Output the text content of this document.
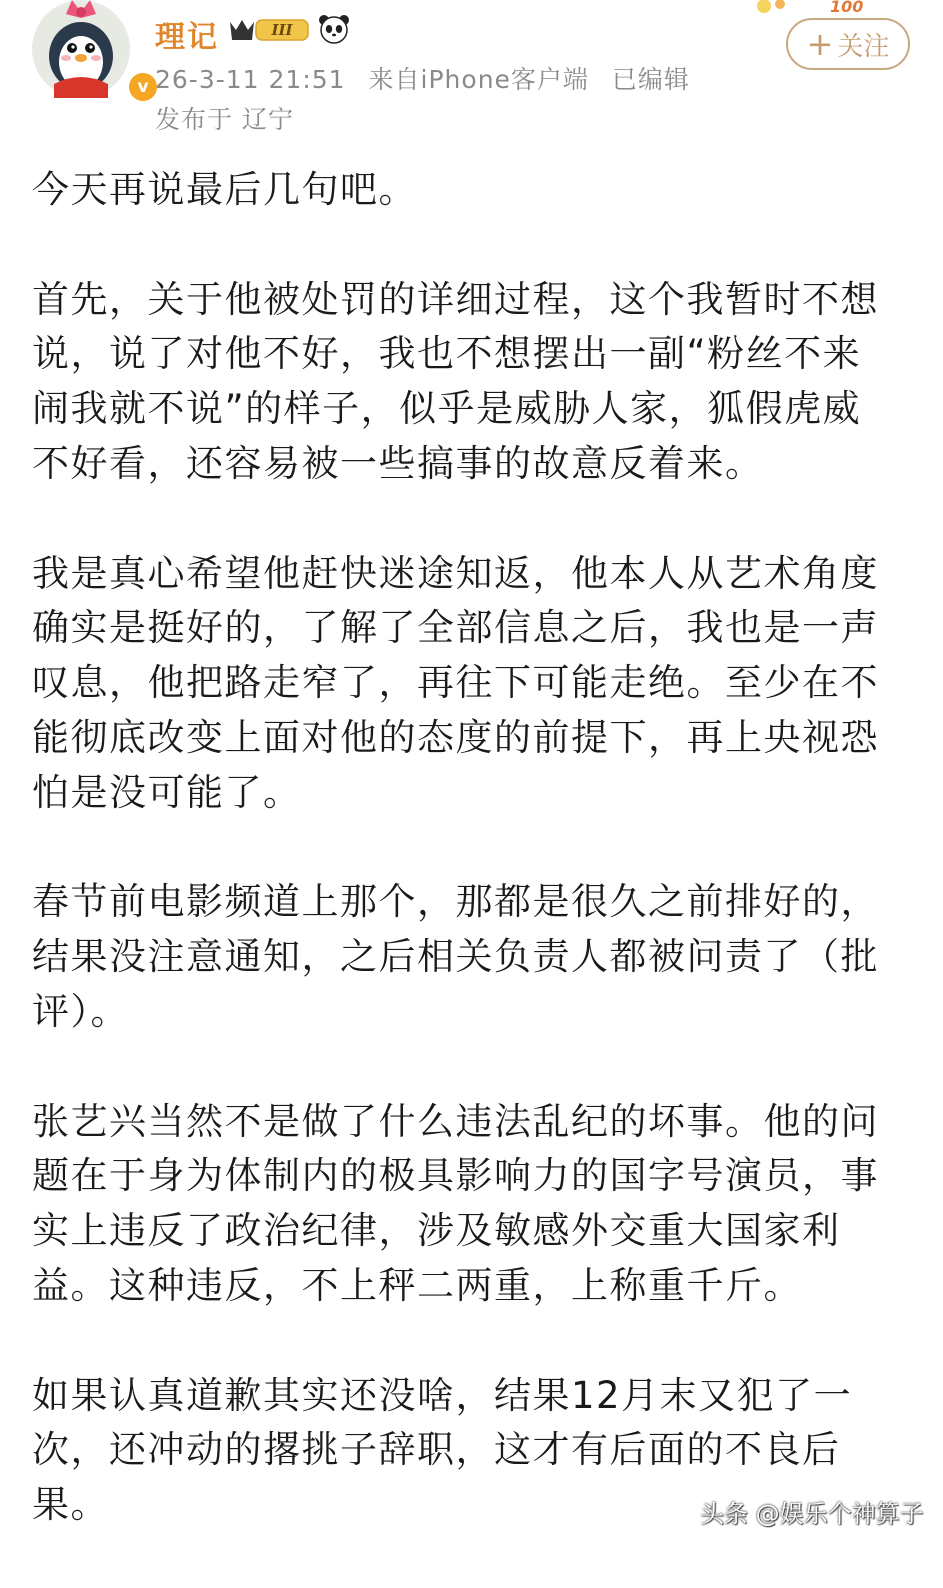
v
理记	III
26-3-11 21:51 来自iPhone客户端 已编辑
发布于 辽宁
100
+ 关注

今天再说最后几句吧。

首先，关于他被处罚的详细过程，这个我暂时不想
说，说了对他不好，我也不想摆出一副“粉丝不来
闹我就不说”的样子，似乎是威胁人家，狐假虎威
不好看，还容易被一些搞事的故意反着来。

我是真心希望他赶快迷途知返，他本人从艺术角度
确实是挺好的，了解了全部信息之后，我也是一声
叹息，他把路走窄了，再往下可能走绝。至少在不
能彻底改变上面对他的态度的前提下，再上央视恐
怕是没可能了。

春节前电影频道上那个，那都是很久之前排好的，
结果没注意通知，之后相关负责人都被问责了（批
评）。

张艺兴当然不是做了什么违法乱纪的坏事。他的问
题在于身为体制内的极具影响力的国字号演员，事
实上违反了政治纪律，涉及敏感外交重大国家利
益。这种违反，不上秤二两重，上称重千斤。

如果认真道歉其实还没啥，结果12月末又犯了一
次，还冲动的撂挑子辞职，这才有后面的不良后
果。	头条 @娱乐个神算子
